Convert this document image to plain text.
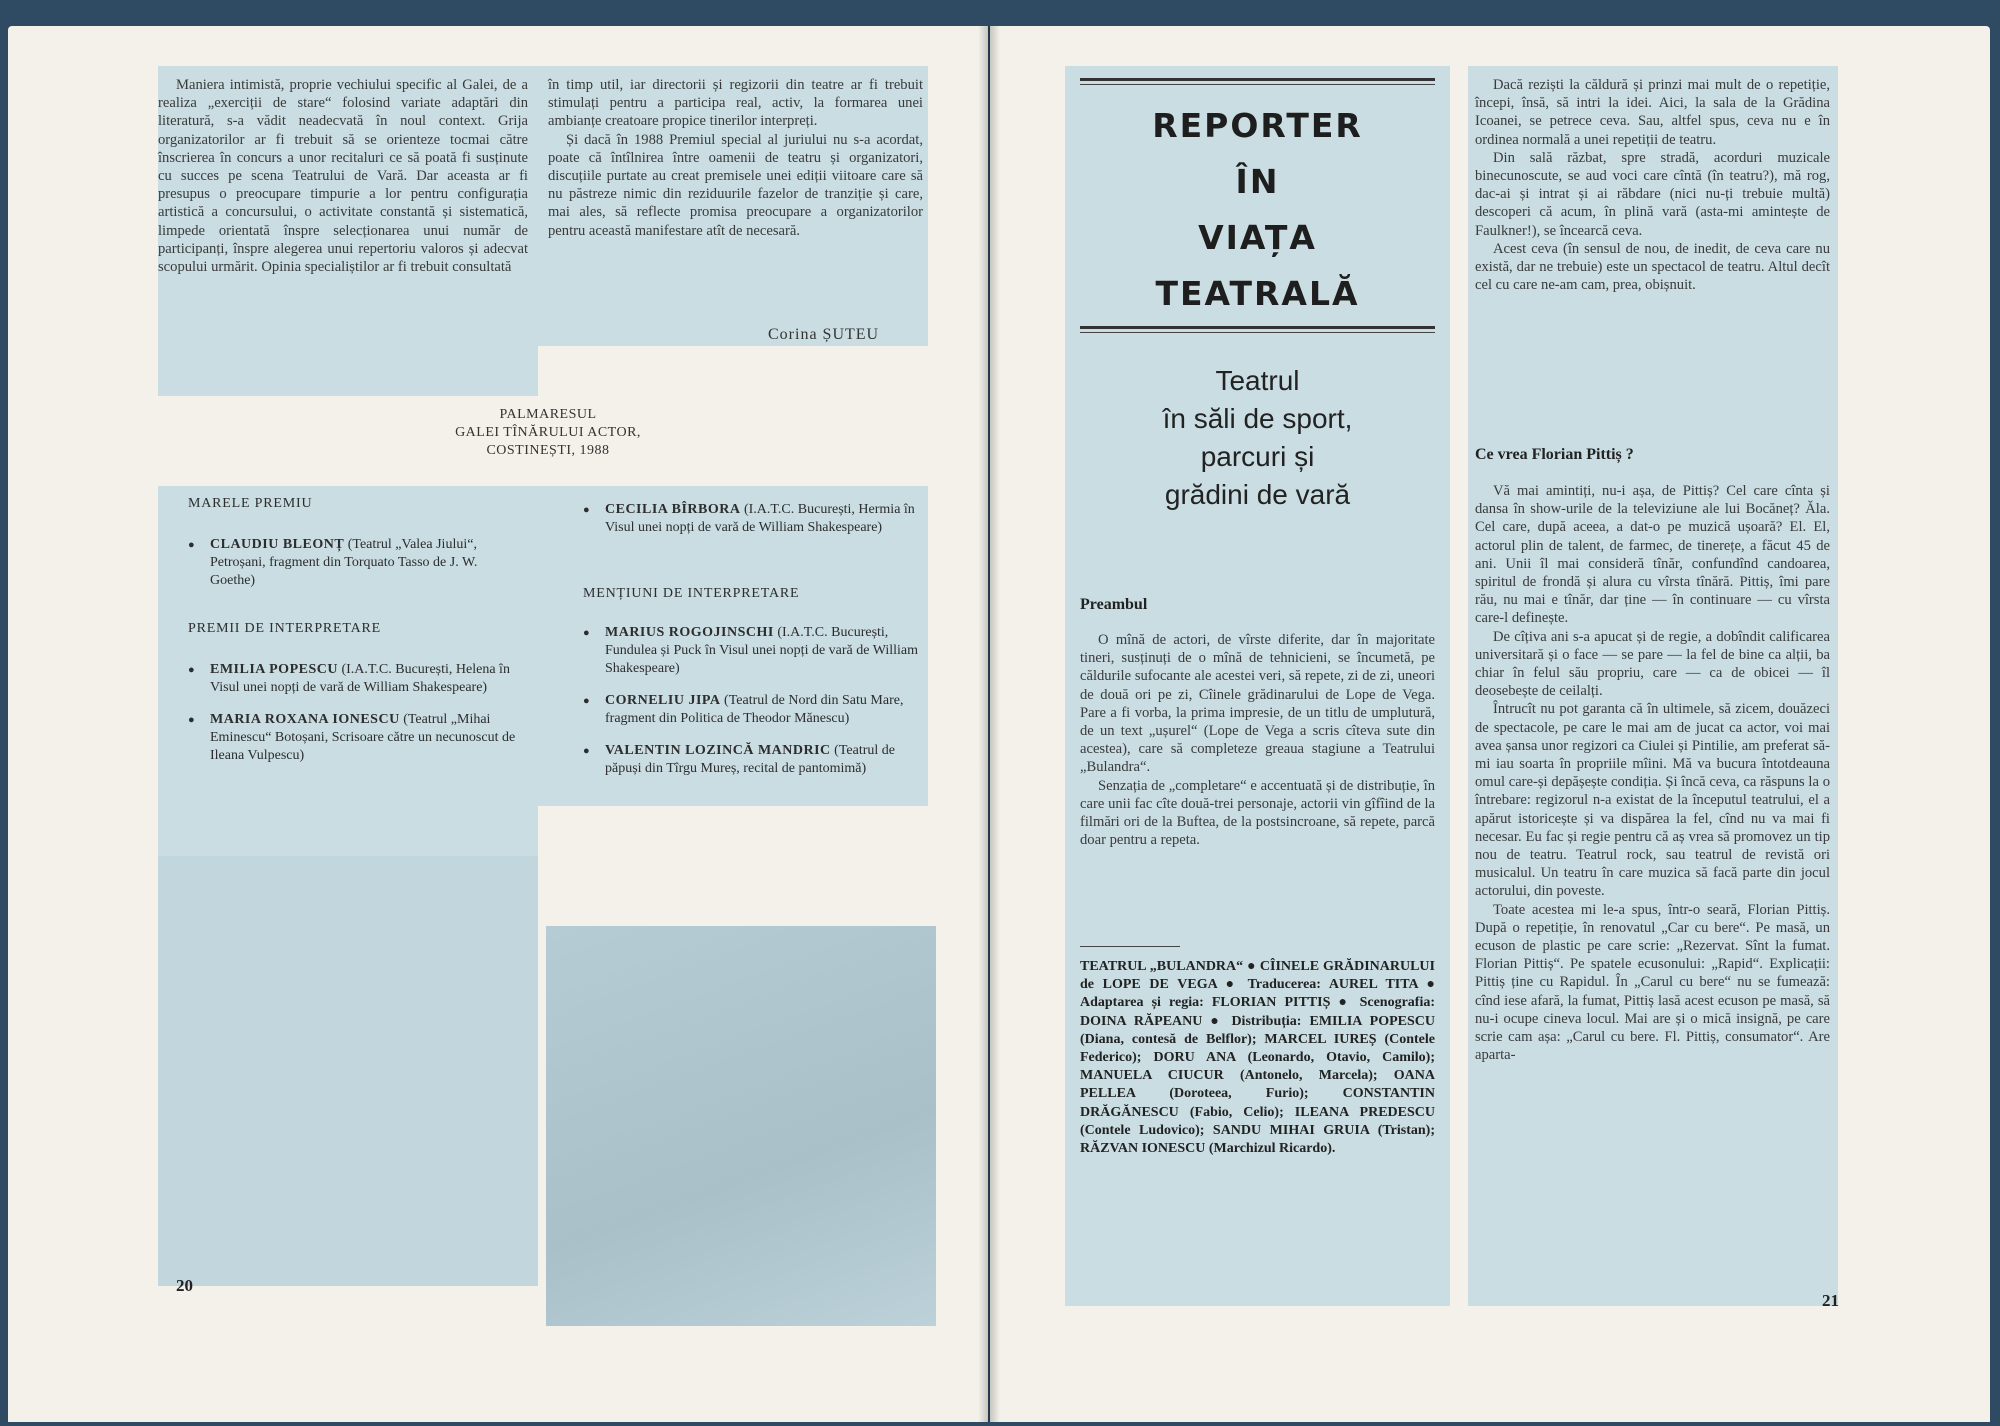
Maniera intimistă, proprie vechiului specific al Galei, de a realiza „exerciții de stare“ folosind variate adaptări din literatură, s-a vădit neadecvată în noul context. Grija organizatorilor ar fi trebuit să se orienteze tocmai către înscrierea în concurs a unor recitaluri ce să poată fi susținute cu succes pe scena Teatrului de Vară. Dar aceasta ar fi presupus o preocupare timpurie a lor pentru configurația artistică a concursului, o activitate constantă și sistematică, limpede orientată înspre selecționarea unui număr de participanți, înspre alegerea unui repertoriu valoros și adecvat scopului urmărit. Opinia specialiștilor ar fi trebuit consultată

în timp util, iar directorii și regizorii din teatre ar fi trebuit stimulați pentru a participa real, activ, la formarea unei ambianțe creatoare propice tinerilor interpreți.

Și dacă în 1988 Premiul special al juriului nu s-a acordat, poate că întîlnirea între oamenii de teatru și organizatori, discuțiile purtate au creat premisele unei ediții viitoare care să nu păstreze nimic din reziduurile fazelor de tranziție și care, mai ales, să reflecte promisa preocupare a organizatorilor pentru această manifestare atît de necesară.

Corina ȘUTEU
PALMARESUL
GALEI TÎNĂRULUI ACTOR,
COSTINEȘTI, 1988
MARELE PREMIU
● CLAUDIU BLEONȚ (Teatrul „Valea Jiului“, Petroșani, fragment din Torquato Tasso de J. W. Goethe)
PREMII DE INTERPRETARE
● EMILIA POPESCU (I.A.T.C. București, Helena în Visul unei nopți de vară de William Shakespeare)
● MARIA ROXANA IONESCU (Teatrul „Mihai Eminescu“ Botoșani, Scrisoare către un necunoscut de Ileana Vulpescu)
● CECILIA BÎRBORA (I.A.T.C. București, Hermia în Visul unei nopți de vară de William Shakespeare)
MENȚIUNI DE INTERPRETARE
● MARIUS ROGOJINSCHI (I.A.T.C. București, Fundulea și Puck în Visul unei nopți de vară de William Shakespeare)
● CORNELIU JIPA (Teatrul de Nord din Satu Mare, fragment din Politica de Theodor Mănescu)
● VALENTIN LOZINCĂ MANDRIC (Teatrul de păpuși din Tîrgu Mureș, recital de pantomimă)
20
REPORTER
ÎN
VIAȚA
TEATRALĂ
Teatrul
în săli de sport,
parcuri și
grădini de vară
Preambul

O mînă de actori, de vîrste diferite, dar în majoritate tineri, susținuți de o mînă de tehnicieni, se încumetă, pe căldurile sufocante ale acestei veri, să repete, zi de zi, uneori de două ori pe zi, Cîinele grădinarului de Lope de Vega. Pare a fi vorba, la prima impresie, de un titlu de umplutură, de un text „ușurel“ (Lope de Vega a scris cîteva sute din acestea), care să completeze greaua stagiune a Teatrului „Bulandra“.

Senzația de „completare“ e accentuată și de distribuție, în care unii fac cîte două-trei personaje, actorii vin gîfîind de la filmări ori de la Buftea, de la postsincroane, să repete, parcă doar pentru a repeta.

TEATRUL „BULANDRA“ ● CÎINELE GRĂDINARULUI de LOPE DE VEGA ● Traducerea: AUREL TITA ● Adaptarea și regia: FLORIAN PITTIȘ ● Scenografia: DOINA RĂPEANU ● Distribuția: EMILIA POPESCU (Diana, contesă de Belflor); MARCEL IUREȘ (Contele Federico); DORU ANA (Leonardo, Otavio, Camilo); MANUELA CIUCUR (Antonelo, Marcela); OANA PELLEA (Doroteea, Furio); CONSTANTIN DRĂGĂNESCU (Fabio, Celio); ILEANA PREDESCU (Contele Ludovico); SANDU MIHAI GRUIA (Tristan); RĂZVAN IONESCU (Marchizul Ricardo).

Dacă reziști la căldură și prinzi mai mult de o repetiție, începi, însă, să intri la idei. Aici, la sala de la Grădina Icoanei, se petrece ceva. Sau, altfel spus, ceva nu e în ordinea normală a unei repetiții de teatru.

Din sală răzbat, spre stradă, acorduri muzicale binecunoscute, se aud voci care cîntă (în teatru?), mă rog, dac-ai și intrat și ai răbdare (nici nu-ți trebuie multă) descoperi că acum, în plină vară (asta-mi amintește de Faulkner!), se încearcă ceva.

Acest ceva (în sensul de nou, de inedit, de ceva care nu există, dar ne trebuie) este un spectacol de teatru. Altul decît cel cu care ne-am cam, prea, obișnuit.

Ce vrea Florian Pittiș ?

Vă mai amintiți, nu-i așa, de Pittiș? Cel care cînta și dansa în show-urile de la televiziune ale lui Bocăneț? Ăla. Cel care, după aceea, a dat-o pe muzică ușoară? El. El, actorul plin de talent, de farmec, de tinerețe, a făcut 45 de ani. Unii îl mai consideră tînăr, confundînd candoarea, spiritul de frondă și alura cu vîrsta tînără. Pittiș, îmi pare rău, nu mai e tînăr, dar ține — în continuare — cu vîrsta care-l definește.

De cîțiva ani s-a apucat și de regie, a dobîndit calificarea universitară și o face — se pare — la fel de bine ca alții, ba chiar în felul său propriu, care — ca de obicei — îl deosebește de ceilalți.

Întrucît nu pot garanta că în ultimele, să zicem, douăzeci de spectacole, pe care le mai am de jucat ca actor, voi mai avea șansa unor regizori ca Ciulei și Pintilie, am preferat să-mi iau soarta în propriile mîini. Mă va bucura întotdeauna omul care-și depășește condiția. Și încă ceva, ca răspuns la o întrebare: regizorul n-a existat de la începutul teatrului, el a apărut istoricește și va dispărea la fel, cînd nu va mai fi necesar. Eu fac și regie pentru că aș vrea să promovez un tip nou de teatru. Teatrul rock, sau teatrul de revistă ori musicalul. Un teatru în care muzica să facă parte din jocul actorului, din poveste.

Toate acestea mi le-a spus, într-o seară, Florian Pittiș. După o repetiție, în renovatul „Car cu bere“. Pe masă, un ecuson de plastic pe care scrie: „Rezervat. Sînt la fumat. Florian Pittiș“. Pe spatele ecusonului: „Rapid“. Explicații: Pittiș ține cu Rapidul. În „Carul cu bere“ nu se fumează: cînd iese afară, la fumat, Pittiș lasă acest ecuson pe masă, să nu-i ocupe cineva locul. Mai are și o mică insignă, pe care scrie cam așa: „Carul cu bere. Fl. Pittiș, consumator“. Are aparta-

21
